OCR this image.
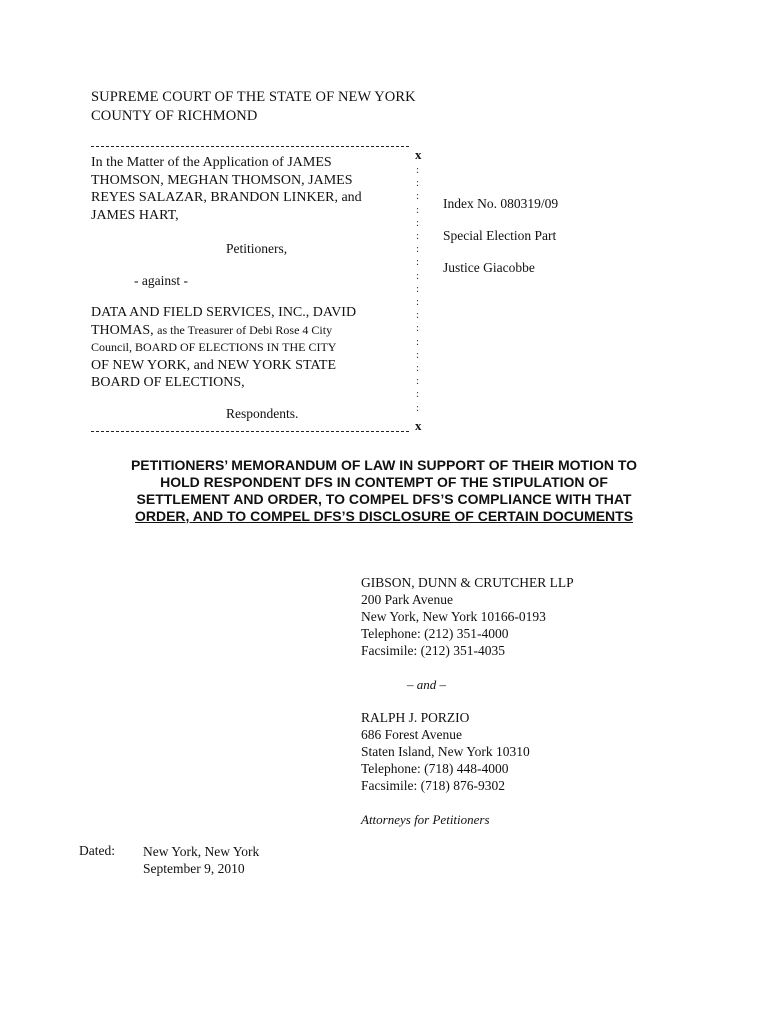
SUPREME COURT OF THE STATE OF NEW YORK
COUNTY OF RICHMOND
x
:
:
:
:
:
:
:
:
:
:
:
:
:
:
:
:
:
:
:
x
In the Matter of the Application of JAMES
THOMSON, MEGHAN THOMSON, JAMES
REYES SALAZAR, BRANDON LINKER, and
JAMES HART,
Petitioners,
- against -
DATA AND FIELD SERVICES, INC., DAVID
THOMAS, as the Treasurer of Debi Rose 4 City
Council, BOARD OF ELECTIONS IN THE CITY
OF NEW YORK, and NEW YORK STATE
BOARD OF ELECTIONS,
Respondents.
Index No. 080319/09
Special Election Part
Justice Giacobbe
PETITIONERS’ MEMORANDUM OF LAW IN SUPPORT OF THEIR MOTION TO
HOLD RESPONDENT DFS IN CONTEMPT OF THE STIPULATION OF
SETTLEMENT AND ORDER, TO COMPEL DFS’S COMPLIANCE WITH THAT
ORDER, AND TO COMPEL DFS’S DISCLOSURE OF CERTAIN DOCUMENTS
GIBSON, DUNN & CRUTCHER LLP
200 Park Avenue
New York, New York 10166-0193
Telephone: (212) 351-4000
Facsimile: (212) 351-4035
– and –
RALPH J. PORZIO
686 Forest Avenue
Staten Island, New York 10310
Telephone: (718) 448-4000
Facsimile: (718) 876-9302
Attorneys for Petitioners
Dated: New York, New York
September 9, 2010
